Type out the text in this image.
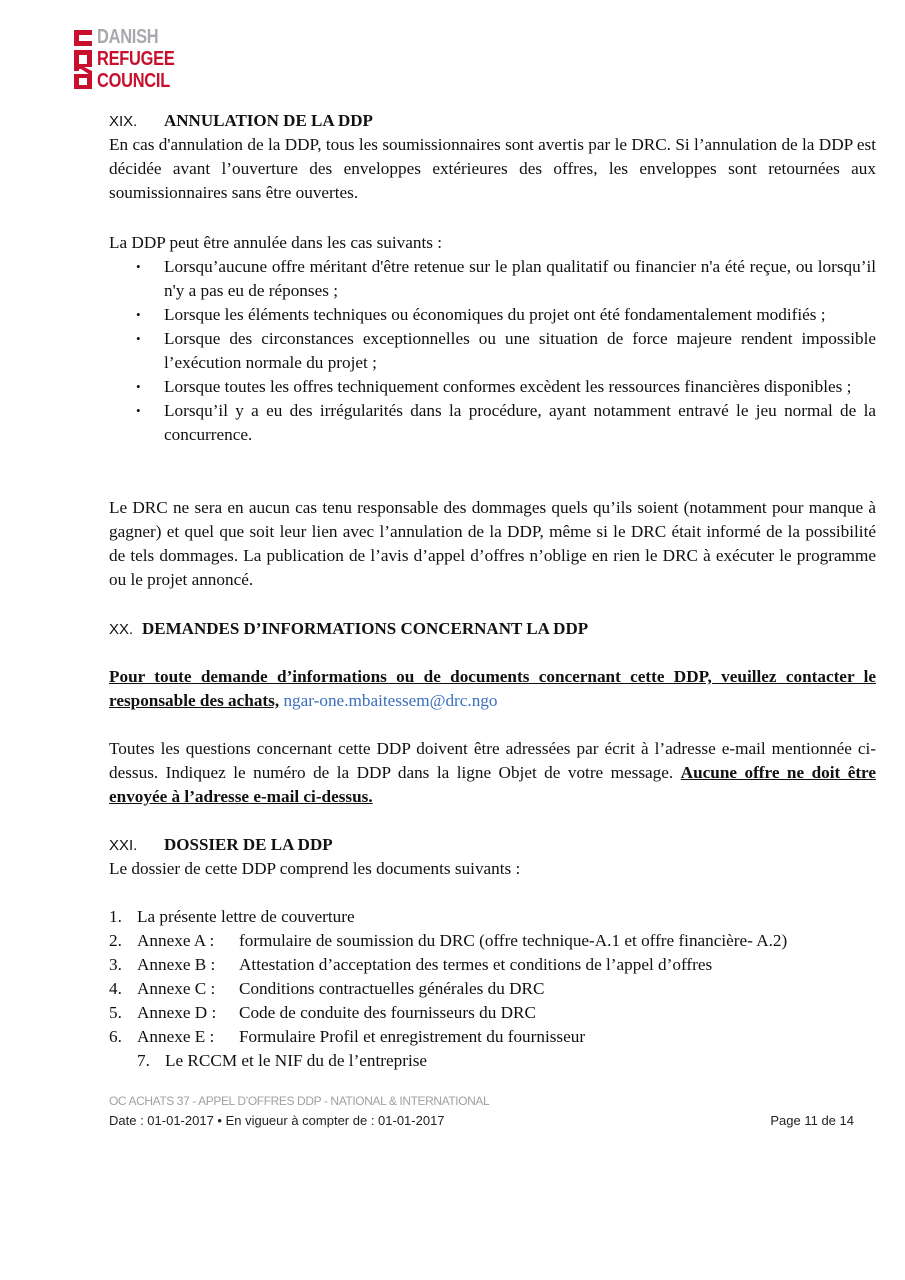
DANISH
REFUGEE
COUNCIL
XIX. ANNULATION DE LA DDP

En cas d'annulation de la DDP, tous les soumissionnaires sont avertis par le DRC. Si l’annulation de la DDP est décidée avant l’ouverture des enveloppes extérieures des offres, les enveloppes sont retournées aux soumissionnaires sans être ouvertes.

La DDP peut être annulée dans les cas suivants :

• Lorsqu’aucune offre méritant d'être retenue sur le plan qualitatif ou financier n'a été reçue, ou lorsqu’il n'y a pas eu de réponses ;
• Lorsque les éléments techniques ou économiques du projet ont été fondamentalement modifiés ;
• Lorsque des circonstances exceptionnelles ou une situation de force majeure rendent impossible l’exécution normale du projet ;
• Lorsque toutes les offres techniquement conformes excèdent les ressources financières disponibles ;
• Lorsqu’il y a eu des irrégularités dans la procédure, ayant notamment entravé le jeu normal de la concurrence.

Le DRC ne sera en aucun cas tenu responsable des dommages quels qu’ils soient (notamment pour manque à gagner) et quel que soit leur lien avec l’annulation de la DDP, même si le DRC était informé de la possibilité de tels dommages. La publication de l’avis d’appel d’offres n’oblige en rien le DRC à exécuter le programme ou le projet annoncé.

XX. DEMANDES D’INFORMATIONS CONCERNANT LA DDP

Pour toute demande d’informations ou de documents concernant cette DDP, veuillez contacter le responsable des achats, ngar-one.mbaitessem@drc.ngo

Toutes les questions concernant cette DDP doivent être adressées par écrit à l’adresse e-mail mentionnée ci-dessus. Indiquez le numéro de la DDP dans la ligne Objet de votre message. Aucune offre ne doit être envoyée à l’adresse e-mail ci-dessus.

XXI. DOSSIER DE LA DDP

Le dossier de cette DDP comprend les documents suivants :

1. La présente lettre de couverture
2. Annexe A : formulaire de soumission du DRC (offre technique-A.1 et offre financière- A.2)
3. Annexe B : Attestation d’acceptation des termes et conditions de l’appel d’offres
4. Annexe C : Conditions contractuelles générales du DRC
5. Annexe D : Code de conduite des fournisseurs du DRC
6. Annexe E : Formulaire Profil et enregistrement du fournisseur
7. Le RCCM et le NIF du de l’entreprise
OC ACHATS 37 - APPEL D’OFFRES DDP - NATIONAL & INTERNATIONAL
Date : 01-01-2017 • En vigueur à compter de : 01-01-2017	Page 11 de 14
